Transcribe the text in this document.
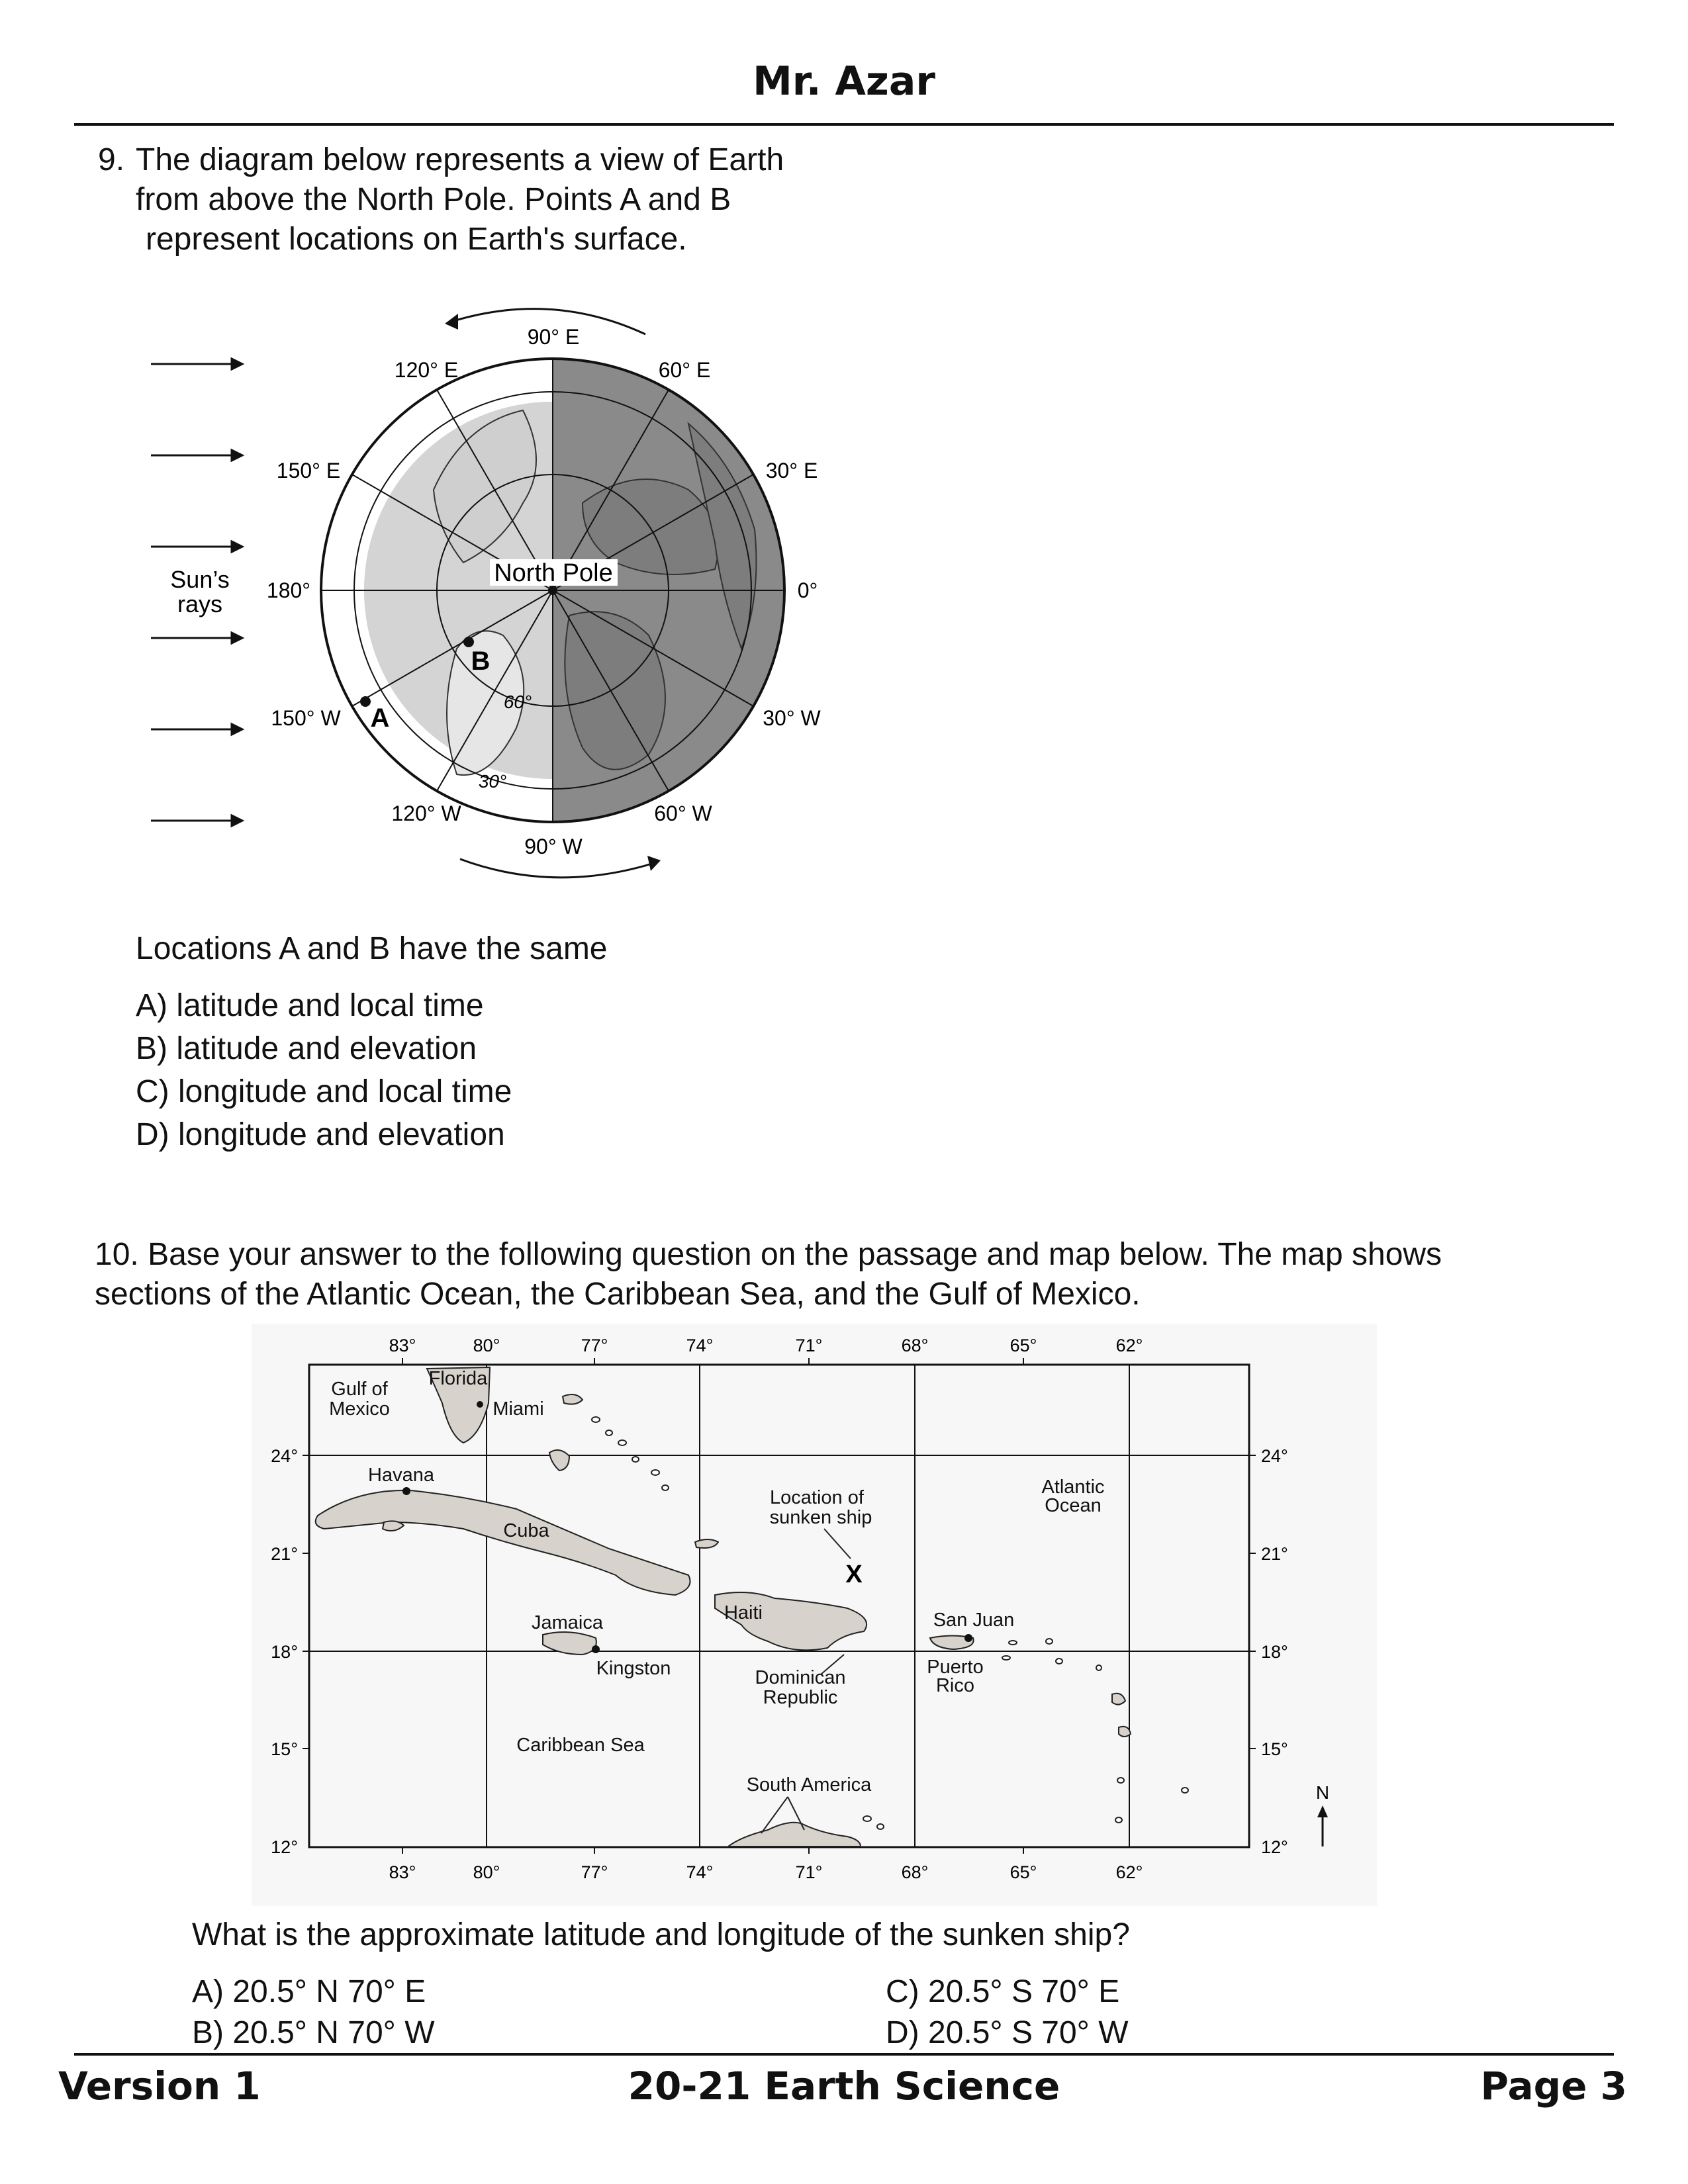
Mr. Azar
9. The diagram below represents a view of Earth
from above the North Pole. Points A and B
represent locations on Earth's surface.
Sun’s
rays
North Pole
90° E
60° E
120° E
30° E
150° E
0°
180°
30° W
150° W
60° W
120° W
90° W
60°
30°
B
A
Locations A and B have the same
A) latitude and local time
B) latitude and elevation
C) longitude and local time
D) longitude and elevation
10. Base your answer to the following question on the passage and map below. The map shows
sections of the Atlantic Ocean, the Caribbean Sea, and the Gulf of Mexico.
83°	80°	77°	74°	71°	68°	65°	62°
83°	80°	77°	74°	71°	68°	65°	62°
24°
21°
18°
15°
12°
24°
21°
18°
15°
12°
Gulf of
Mexico
Florida
Miami
Havana
Cuba
Jamaica
Kingston
Haiti
Dominican
Republic
Location of
sunken ship
Atlantic
Ocean
San Juan
Puerto
Rico
Caribbean Sea
South America
X
N
What is the approximate latitude and longitude of the sunken ship?
A) 20.5° N 70° E
B) 20.5° N 70° W
C) 20.5° S 70° E
D) 20.5° S 70° W
Version 1	20-21 Earth Science	Page 3
